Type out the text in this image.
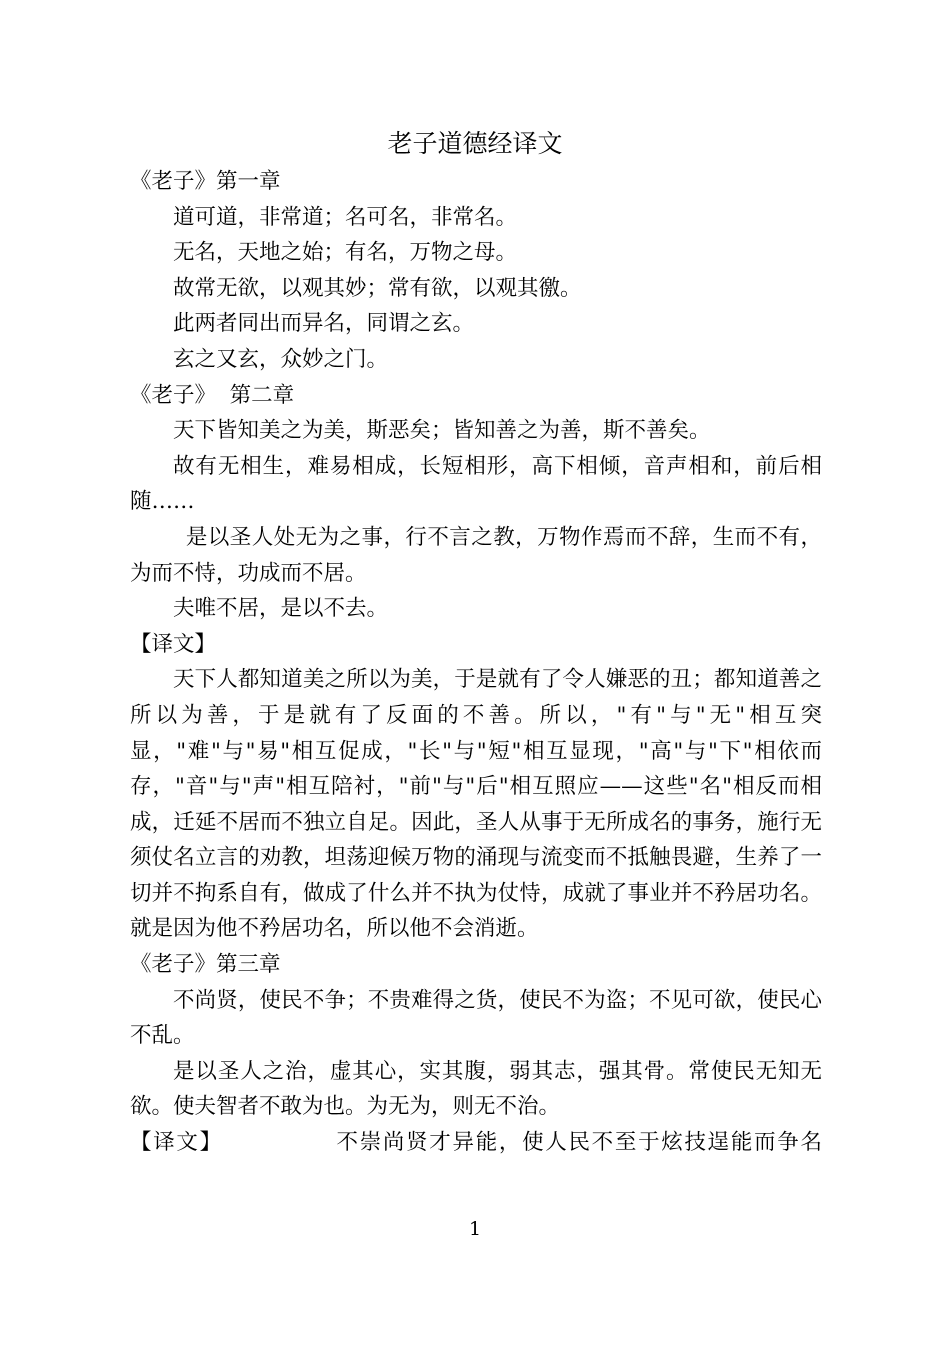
老子道德经译文

《老子》第一章

道可道，非常道；名可名，非常名。

无名，天地之始；有名，万物之母。

故常无欲，以观其妙；常有欲，以观其徼。

此两者同出而异名，同谓之玄。

玄之又玄，众妙之门。

《老子》  第二章

天下皆知美之为美，斯恶矣；皆知善之为善，斯不善矣。

故有无相生，难易相成，长短相形，高下相倾，音声相和，前后相随……

是以圣人处无为之事，行不言之教，万物作焉而不辞，生而不有，为而不恃，功成而不居。

夫唯不居，是以不去。

【译文】

天下人都知道美之所以为美，于是就有了令人嫌恶的丑；都知道善之所以为善，于是就有了反面的不善。所以，"有"与"无"相互突显，"难"与"易"相互促成，"长"与"短"相互显现，"高"与"下"相依而存，"音"与"声"相互陪衬，"前"与"后"相互照应——这些"名"相反而相成，迁延不居而不独立自足。因此，圣人从事于无所成名的事务，施行无须仗名立言的劝教，坦荡迎候万物的涌现与流变而不抵触畏避，生养了一切并不拘系自有，做成了什么并不执为仗恃，成就了事业并不矜居功名。就是因为他不矜居功名，所以他不会消逝。

《老子》第三章

不尚贤，使民不争；不贵难得之货，使民不为盗；不见可欲，使民心不乱。

是以圣人之治，虚其心，实其腹，弱其志，强其骨。常使民无知无欲。使夫智者不敢为也。为无为，则无不治。

【译文】	不崇尚贤才异能，使人民不至于炫技逞能而争名

1
